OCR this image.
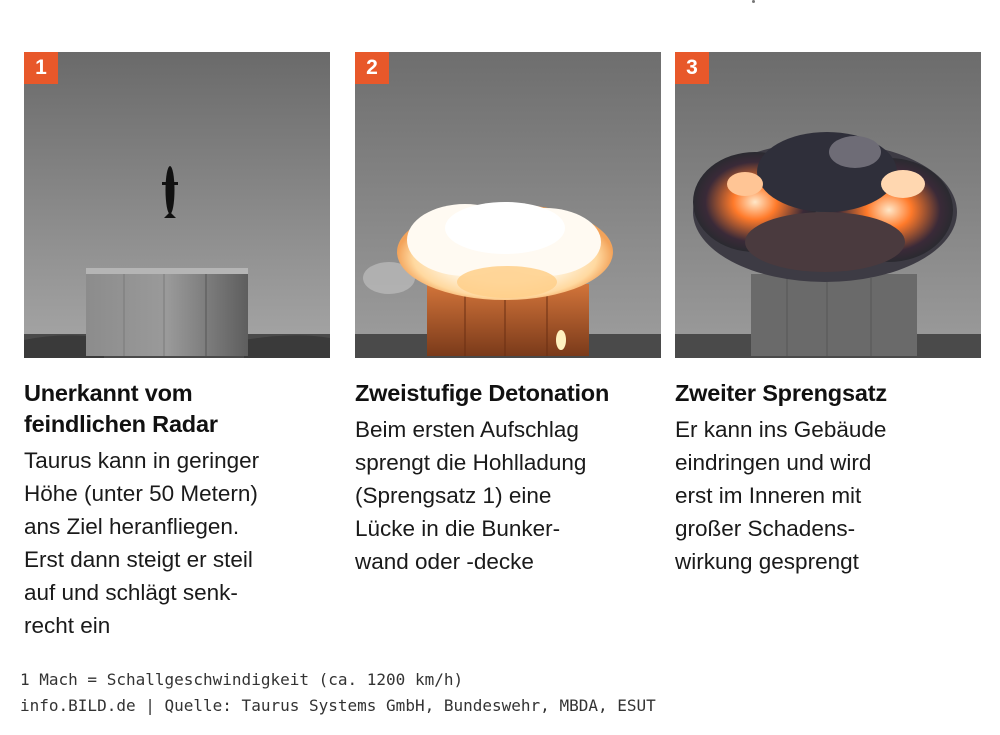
1	2	3
Unerkannt vom
feindlichen Radar

Taurus kann in geringer
Höhe (unter 50 Metern)
ans Ziel heranfliegen.
Erst dann steigt er steil
auf und schlägt senk-
recht ein

Zweistufige Detonation

Beim ersten Aufschlag
sprengt die Hohlladung
(Sprengsatz 1) eine
Lücke in die Bunker-
wand oder -decke

Zweiter Sprengsatz

Er kann ins Gebäude
eindringen und wird
erst im Inneren mit
großer Schadens-
wirkung gesprengt

1 Mach = Schallgeschwindigkeit (ca. 1200 km/h)
info.BILD.de | Quelle: Taurus Systems GmbH, Bundeswehr, MBDA, ESUT
